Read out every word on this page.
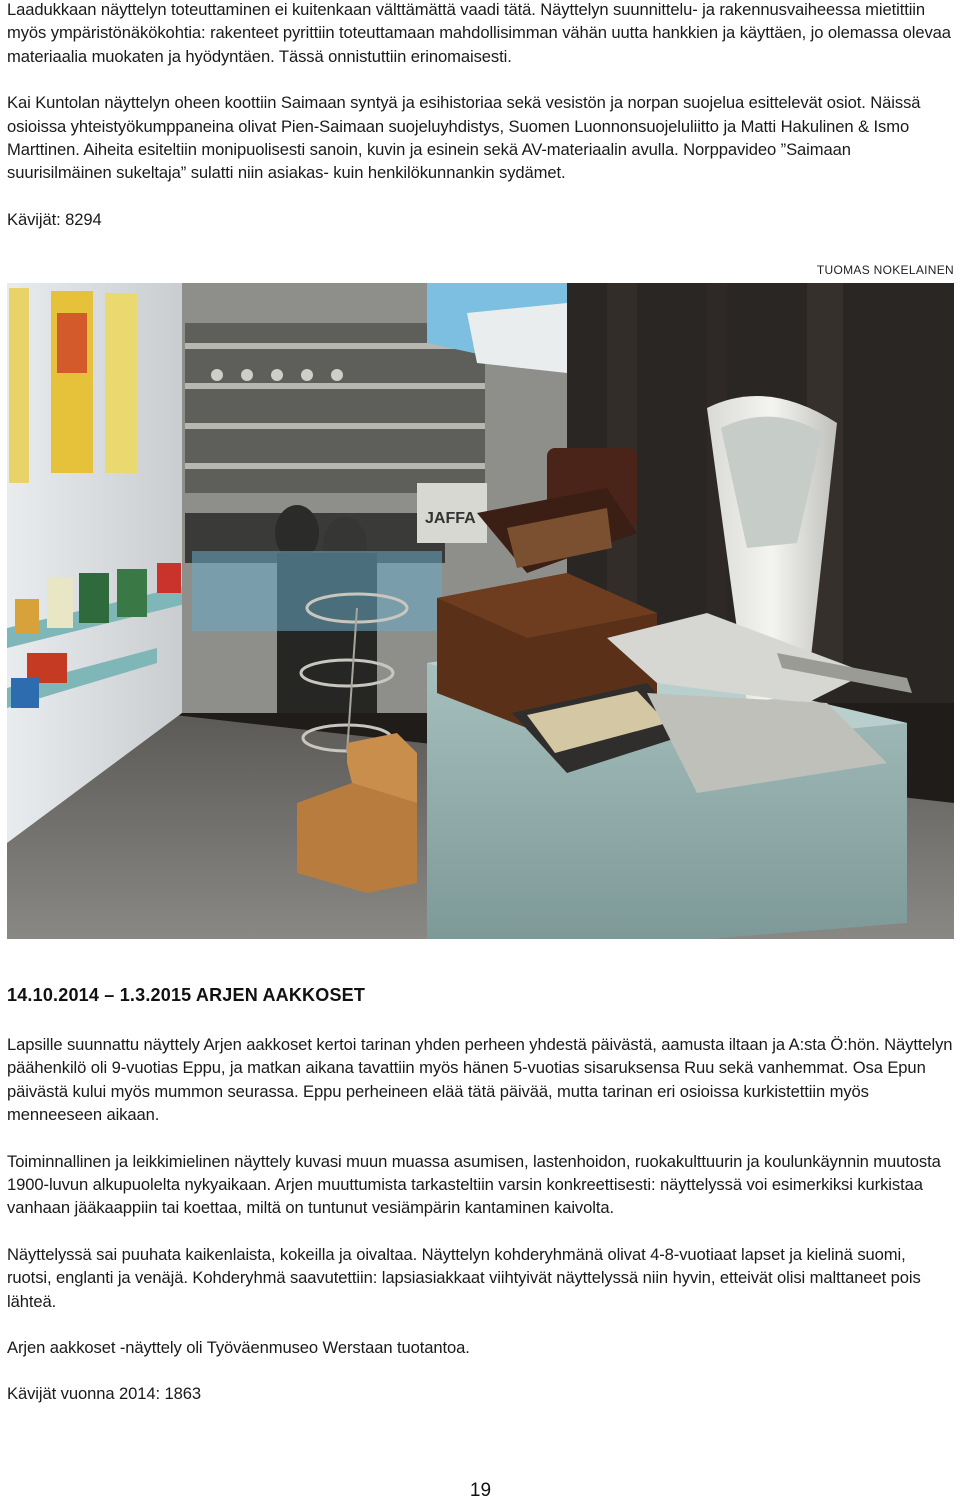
Laadukkaan näyttelyn toteuttaminen ei kuitenkaan välttämättä vaadi tätä. Näyttelyn suunnittelu- ja rakennusvaiheessa mietittiin myös ympäristönäkökohtia: rakenteet pyrittiin toteuttamaan mahdollisimman vähän uutta hankkien ja käyttäen, jo olemassa olevaa materiaalia muokaten ja hyödyntäen. Tässä onnistuttiin erinomaisesti.

Kai Kuntolan näyttelyn oheen koottiin Saimaan syntyä ja esihistoriaa sekä vesistön ja norpan suojelua esittelevät osiot. Näissä osioissa yhteistyökumppaneina olivat Pien-Saimaan suojeluyhdistys, Suomen Luonnonsuojeluliitto ja Matti Hakulinen & Ismo Marttinen. Aiheita esiteltiin monipuolisesti sanoin, kuvin ja esinein sekä AV-materiaalin avulla. Norppavideo ”Saimaan suurisilmäinen sukeltaja” sulatti niin asiakas- kuin henkilökunnankin sydämet.

Kävijät: 8294

TUOMAS NOKELAINEN
JAFFA
14.10.2014 – 1.3.2015 ARJEN AAKKOSET

Lapsille suunnattu näyttely Arjen aakkoset kertoi tarinan yhden perheen yhdestä päivästä, aamusta iltaan ja A:sta Ö:hön. Näyttelyn päähenkilö oli 9-vuotias Eppu, ja matkan aikana tavattiin myös hänen 5-vuotias sisaruksensa Ruu sekä vanhemmat. Osa Epun päivästä kului myös mummon seurassa. Eppu perheineen elää tätä päivää, mutta tarinan eri osioissa kurkistettiin myös menneeseen aikaan.

Toiminnallinen ja leikkimielinen näyttely kuvasi muun muassa asumisen, lastenhoidon, ruokakulttuurin ja koulunkäynnin muutosta 1900-luvun alkupuolelta nykyaikaan. Arjen muuttumista tarkasteltiin varsin konkreettisesti: näyttelyssä voi esimerkiksi kurkistaa vanhaan jääkaappiin tai koettaa, miltä on tuntunut vesiämpärin kantaminen kaivolta.

Näyttelyssä sai puuhata kaikenlaista, kokeilla ja oivaltaa. Näyttelyn kohderyhmänä olivat 4-8-vuotiaat lapset ja kielinä suomi, ruotsi, englanti ja venäjä. Kohderyhmä saavutettiin: lapsiasiakkaat viihtyivät näyttelyssä niin hyvin, etteivät olisi malttaneet pois lähteä.

Arjen aakkoset -näyttely oli Työväenmuseo Werstaan tuotantoa.

Kävijät vuonna 2014: 1863

19
